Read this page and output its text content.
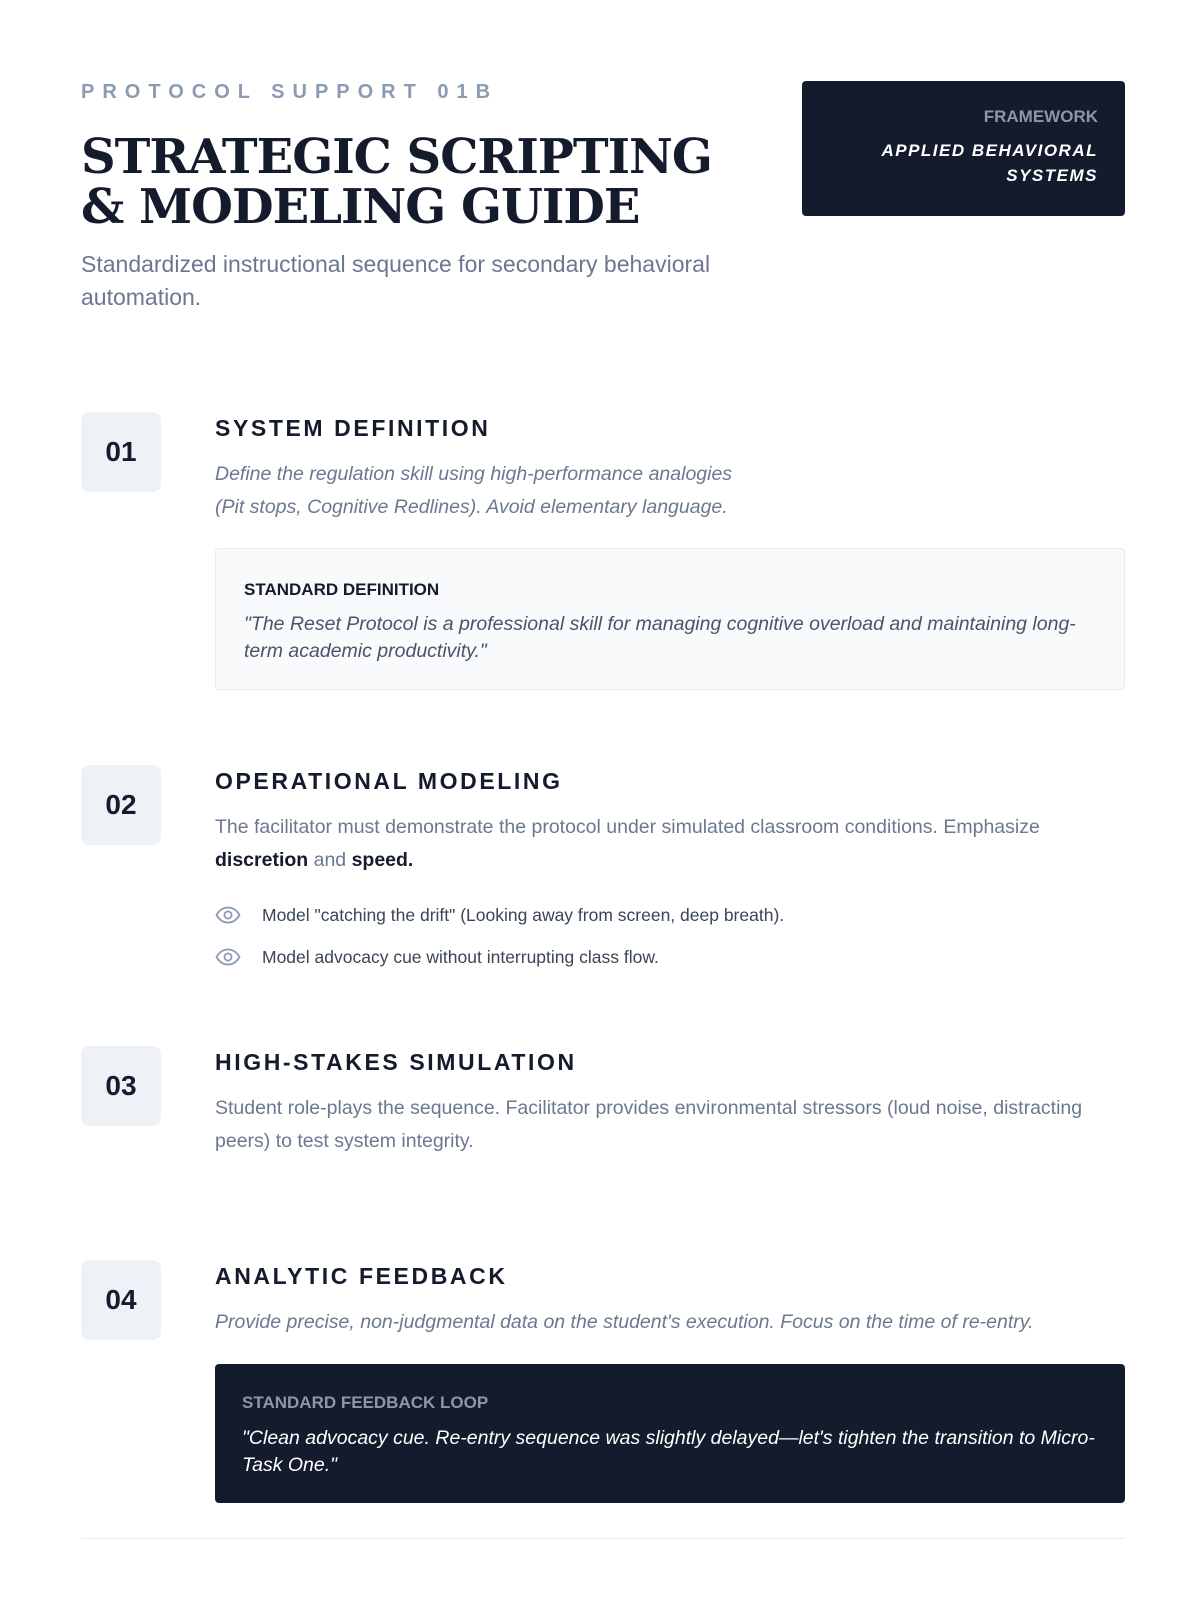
PROTOCOL SUPPORT 01B
STRATEGIC SCRIPTING
& MODELING GUIDE

Standardized instructional sequence for secondary behavioral automation.

FRAMEWORK
APPLIED BEHAVIORAL
SYSTEMS
01
SYSTEM DEFINITION

Define the regulation skill using high-performance analogies
(Pit stops, Cognitive Redlines). Avoid elementary language.

STANDARD DEFINITION
"The Reset Protocol is a professional skill for managing cognitive overload and maintaining long-term academic productivity."
02
OPERATIONAL MODELING

The facilitator must demonstrate the protocol under simulated classroom conditions. Emphasize discretion and speed.

Model "catching the drift" (Looking away from screen, deep breath).
Model advocacy cue without interrupting class flow.
03
HIGH-STAKES SIMULATION

Student role-plays the sequence. Facilitator provides environmental stressors (loud noise, distracting peers) to test system integrity.

04
ANALYTIC FEEDBACK

Provide precise, non-judgmental data on the student's execution. Focus on the time of re-entry.

STANDARD FEEDBACK LOOP
"Clean advocacy cue. Re-entry sequence was slightly delayed—let's tighten the transition to Micro-Task One."
